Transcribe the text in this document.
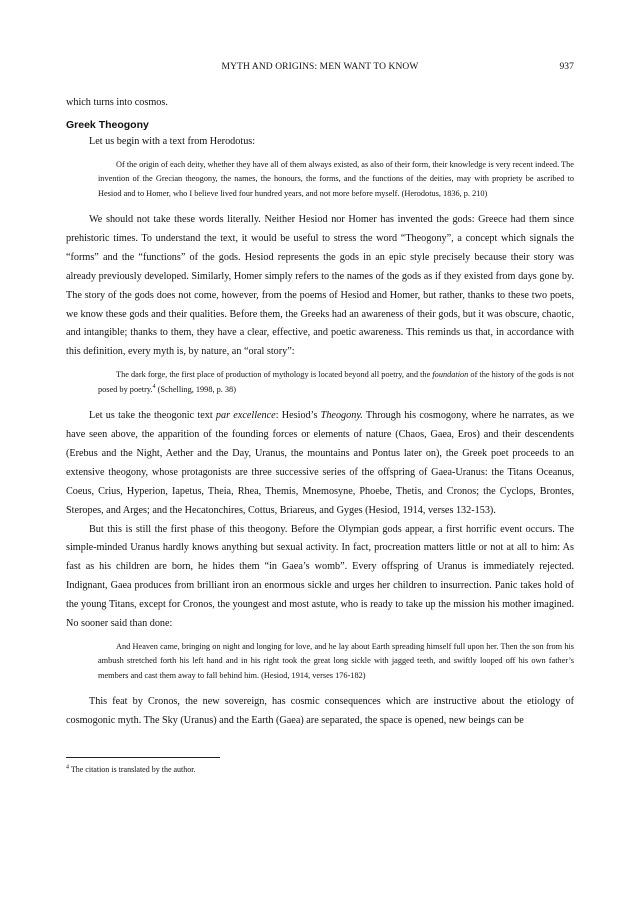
MYTH AND ORIGINS: MEN WANT TO KNOW	937

which turns into cosmos.

Greek Theogony

Let us begin with a text from Herodotus:

Of the origin of each deity, whether they have all of them always existed, as also of their form, their knowledge is very recent indeed. The invention of the Grecian theogony, the names, the honours, the forms, and the functions of the deities, may with propriety be ascribed to Hesiod and to Homer, who I believe lived four hundred years, and not more before myself. (Herodotus, 1836, p. 210)

We should not take these words literally. Neither Hesiod nor Homer has invented the gods: Greece had them since prehistoric times. To understand the text, it would be useful to stress the word “Theogony”, a concept which signals the “forms” and the “functions” of the gods. Hesiod represents the gods in an epic style precisely because their story was already previously developed. Similarly, Homer simply refers to the names of the gods as if they existed from days gone by. The story of the gods does not come, however, from the poems of Hesiod and Homer, but rather, thanks to these two poets, we know these gods and their qualities. Before them, the Greeks had an awareness of their gods, but it was obscure, chaotic, and intangible; thanks to them, they have a clear, effective, and poetic awareness. This reminds us that, in accordance with this definition, every myth is, by nature, an “oral story”:

The dark forge, the first place of production of mythology is located beyond all poetry, and the foundation of the history of the gods is not posed by poetry.$^4$ (Schelling, 1998, p. 38)

Let us take the theogonic text par excellence: Hesiod’s Theogony. Through his cosmogony, where he narrates, as we have seen above, the apparition of the founding forces or elements of nature (Chaos, Gaea, Eros) and their descendents (Erebus and the Night, Aether and the Day, Uranus, the mountains and Pontus later on), the Greek poet proceeds to an extensive theogony, whose protagonists are three successive series of the offspring of Gaea-Uranus: the Titans Oceanus, Coeus, Crius, Hyperion, Iapetus, Theia, Rhea, Themis, Mnemosyne, Phoebe, Thetis, and Cronos; the Cyclops, Brontes, Steropes, and Arges; and the Hecatonchires, Cottus, Briareus, and Gyges (Hesiod, 1914, verses 132-153).

But this is still the first phase of this theogony. Before the Olympian gods appear, a first horrific event occurs. The simple-minded Uranus hardly knows anything but sexual activity. In fact, procreation matters little or not at all to him: As fast as his children are born, he hides them “in Gaea’s womb”. Every offspring of Uranus is immediately rejected. Indignant, Gaea produces from brilliant iron an enormous sickle and urges her children to insurrection. Panic takes hold of the young Titans, except for Cronos, the youngest and most astute, who is ready to take up the mission his mother imagined. No sooner said than done:

And Heaven came, bringing on night and longing for love, and he lay about Earth spreading himself full upon her. Then the son from his ambush stretched forth his left hand and in his right took the great long sickle with jagged teeth, and swiftly looped off his own father’s members and cast them away to fall behind him. (Hesiod, 1914, verses 176-182)

This feat by Cronos, the new sovereign, has cosmic consequences which are instructive about the etiology of cosmogonic myth. The Sky (Uranus) and the Earth (Gaea) are separated, the space is opened, new beings can be

$^4$ The citation is translated by the author.
